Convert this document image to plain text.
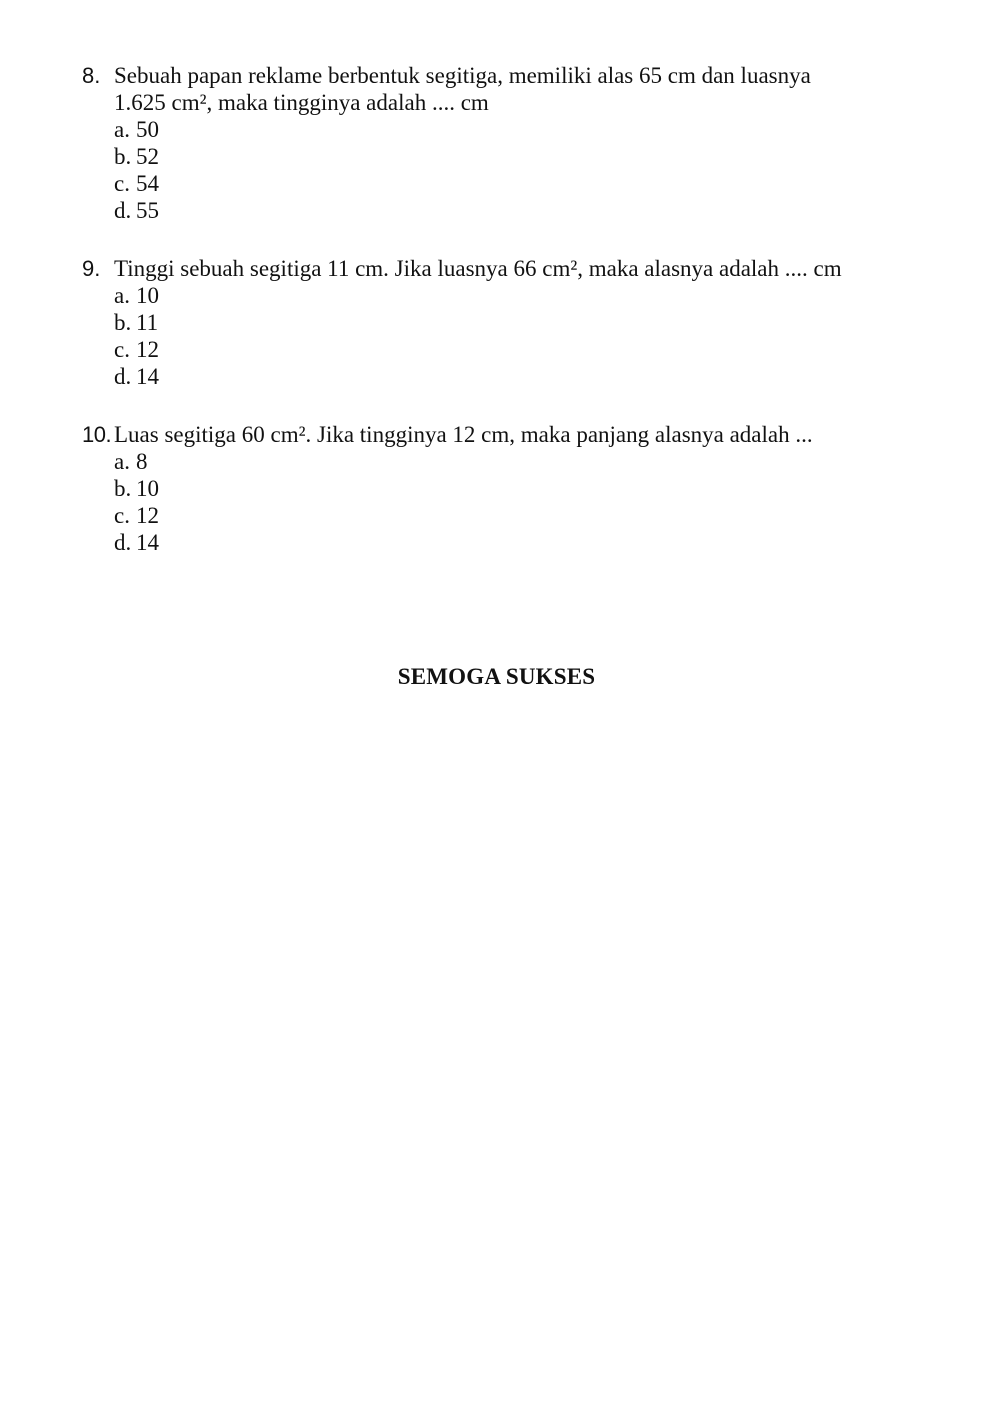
8. Sebuah papan reklame berbentuk segitiga, memiliki alas 65 cm dan luasnya
1.625 cm², maka tingginya adalah .... cm
a. 50
b. 52
c. 54
d. 55
9. Tinggi sebuah segitiga 11 cm. Jika luasnya 66 cm², maka alasnya adalah .... cm
a. 10
b. 11
c. 12
d. 14
10. Luas segitiga 60 cm². Jika tingginya 12 cm, maka panjang alasnya adalah ...
a. 8
b. 10
c. 12
d. 14
SEMOGA SUKSES
